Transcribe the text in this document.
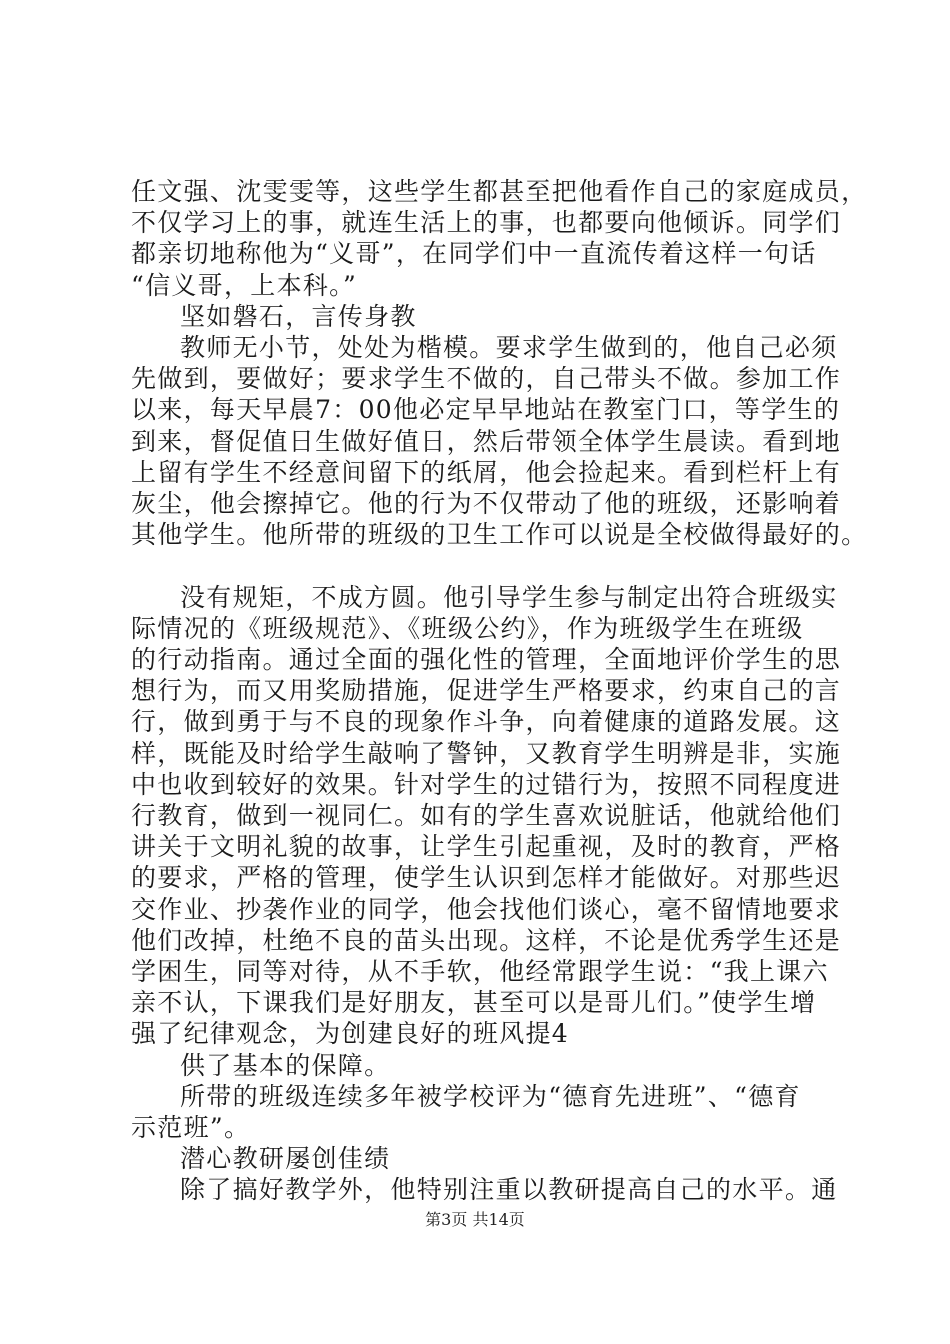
任文强、沈雯雯等，这些学生都甚至把他看作自己的家庭成员，
不仅学习上的事，就连生活上的事，也都要向他倾诉。同学们
都亲切地称他为“义哥”，在同学们中一直流传着这样一句话
“信义哥，上本科。”
坚如磐石，言传身教
教师无小节，处处为楷模。要求学生做到的，他自己必须
先做到，要做好；要求学生不做的，自己带头不做。参加工作
以来，每天早晨7：00他必定早早地站在教室门口，等学生的
到来，督促值日生做好值日，然后带领全体学生晨读。看到地
上留有学生不经意间留下的纸屑，他会捡起来。看到栏杆上有
灰尘，他会擦掉它。他的行为不仅带动了他的班级，还影响着
其他学生。他所带的班级的卫生工作可以说是全校做得最好的。
没有规矩，不成方圆。他引导学生参与制定出符合班级实
际情况的《班级规范》、《班级公约》，作为班级学生在班级
的行动指南。通过全面的强化性的管理，全面地评价学生的思
想行为，而又用奖励措施，促进学生严格要求，约束自己的言
行，做到勇于与不良的现象作斗争，向着健康的道路发展。这
样，既能及时给学生敲响了警钟，又教育学生明辨是非，实施
中也收到较好的效果。针对学生的过错行为，按照不同程度进
行教育，做到一视同仁。如有的学生喜欢说脏话，他就给他们
讲关于文明礼貌的故事，让学生引起重视，及时的教育，严格
的要求，严格的管理，使学生认识到怎样才能做好。对那些迟
交作业、抄袭作业的同学，他会找他们谈心，毫不留情地要求
他们改掉，杜绝不良的苗头出现。这样，不论是优秀学生还是
学困生，同等对待，从不手软，他经常跟学生说：“我上课六
亲不认，下课我们是好朋友，甚至可以是哥儿们。”使学生增
强了纪律观念，为创建良好的班风提4
供了基本的保障。
所带的班级连续多年被学校评为“德育先进班”、“德育
示范班”。
潜心教研屡创佳绩
除了搞好教学外，他特别注重以教研提高自己的水平。通
第3页 共14页
